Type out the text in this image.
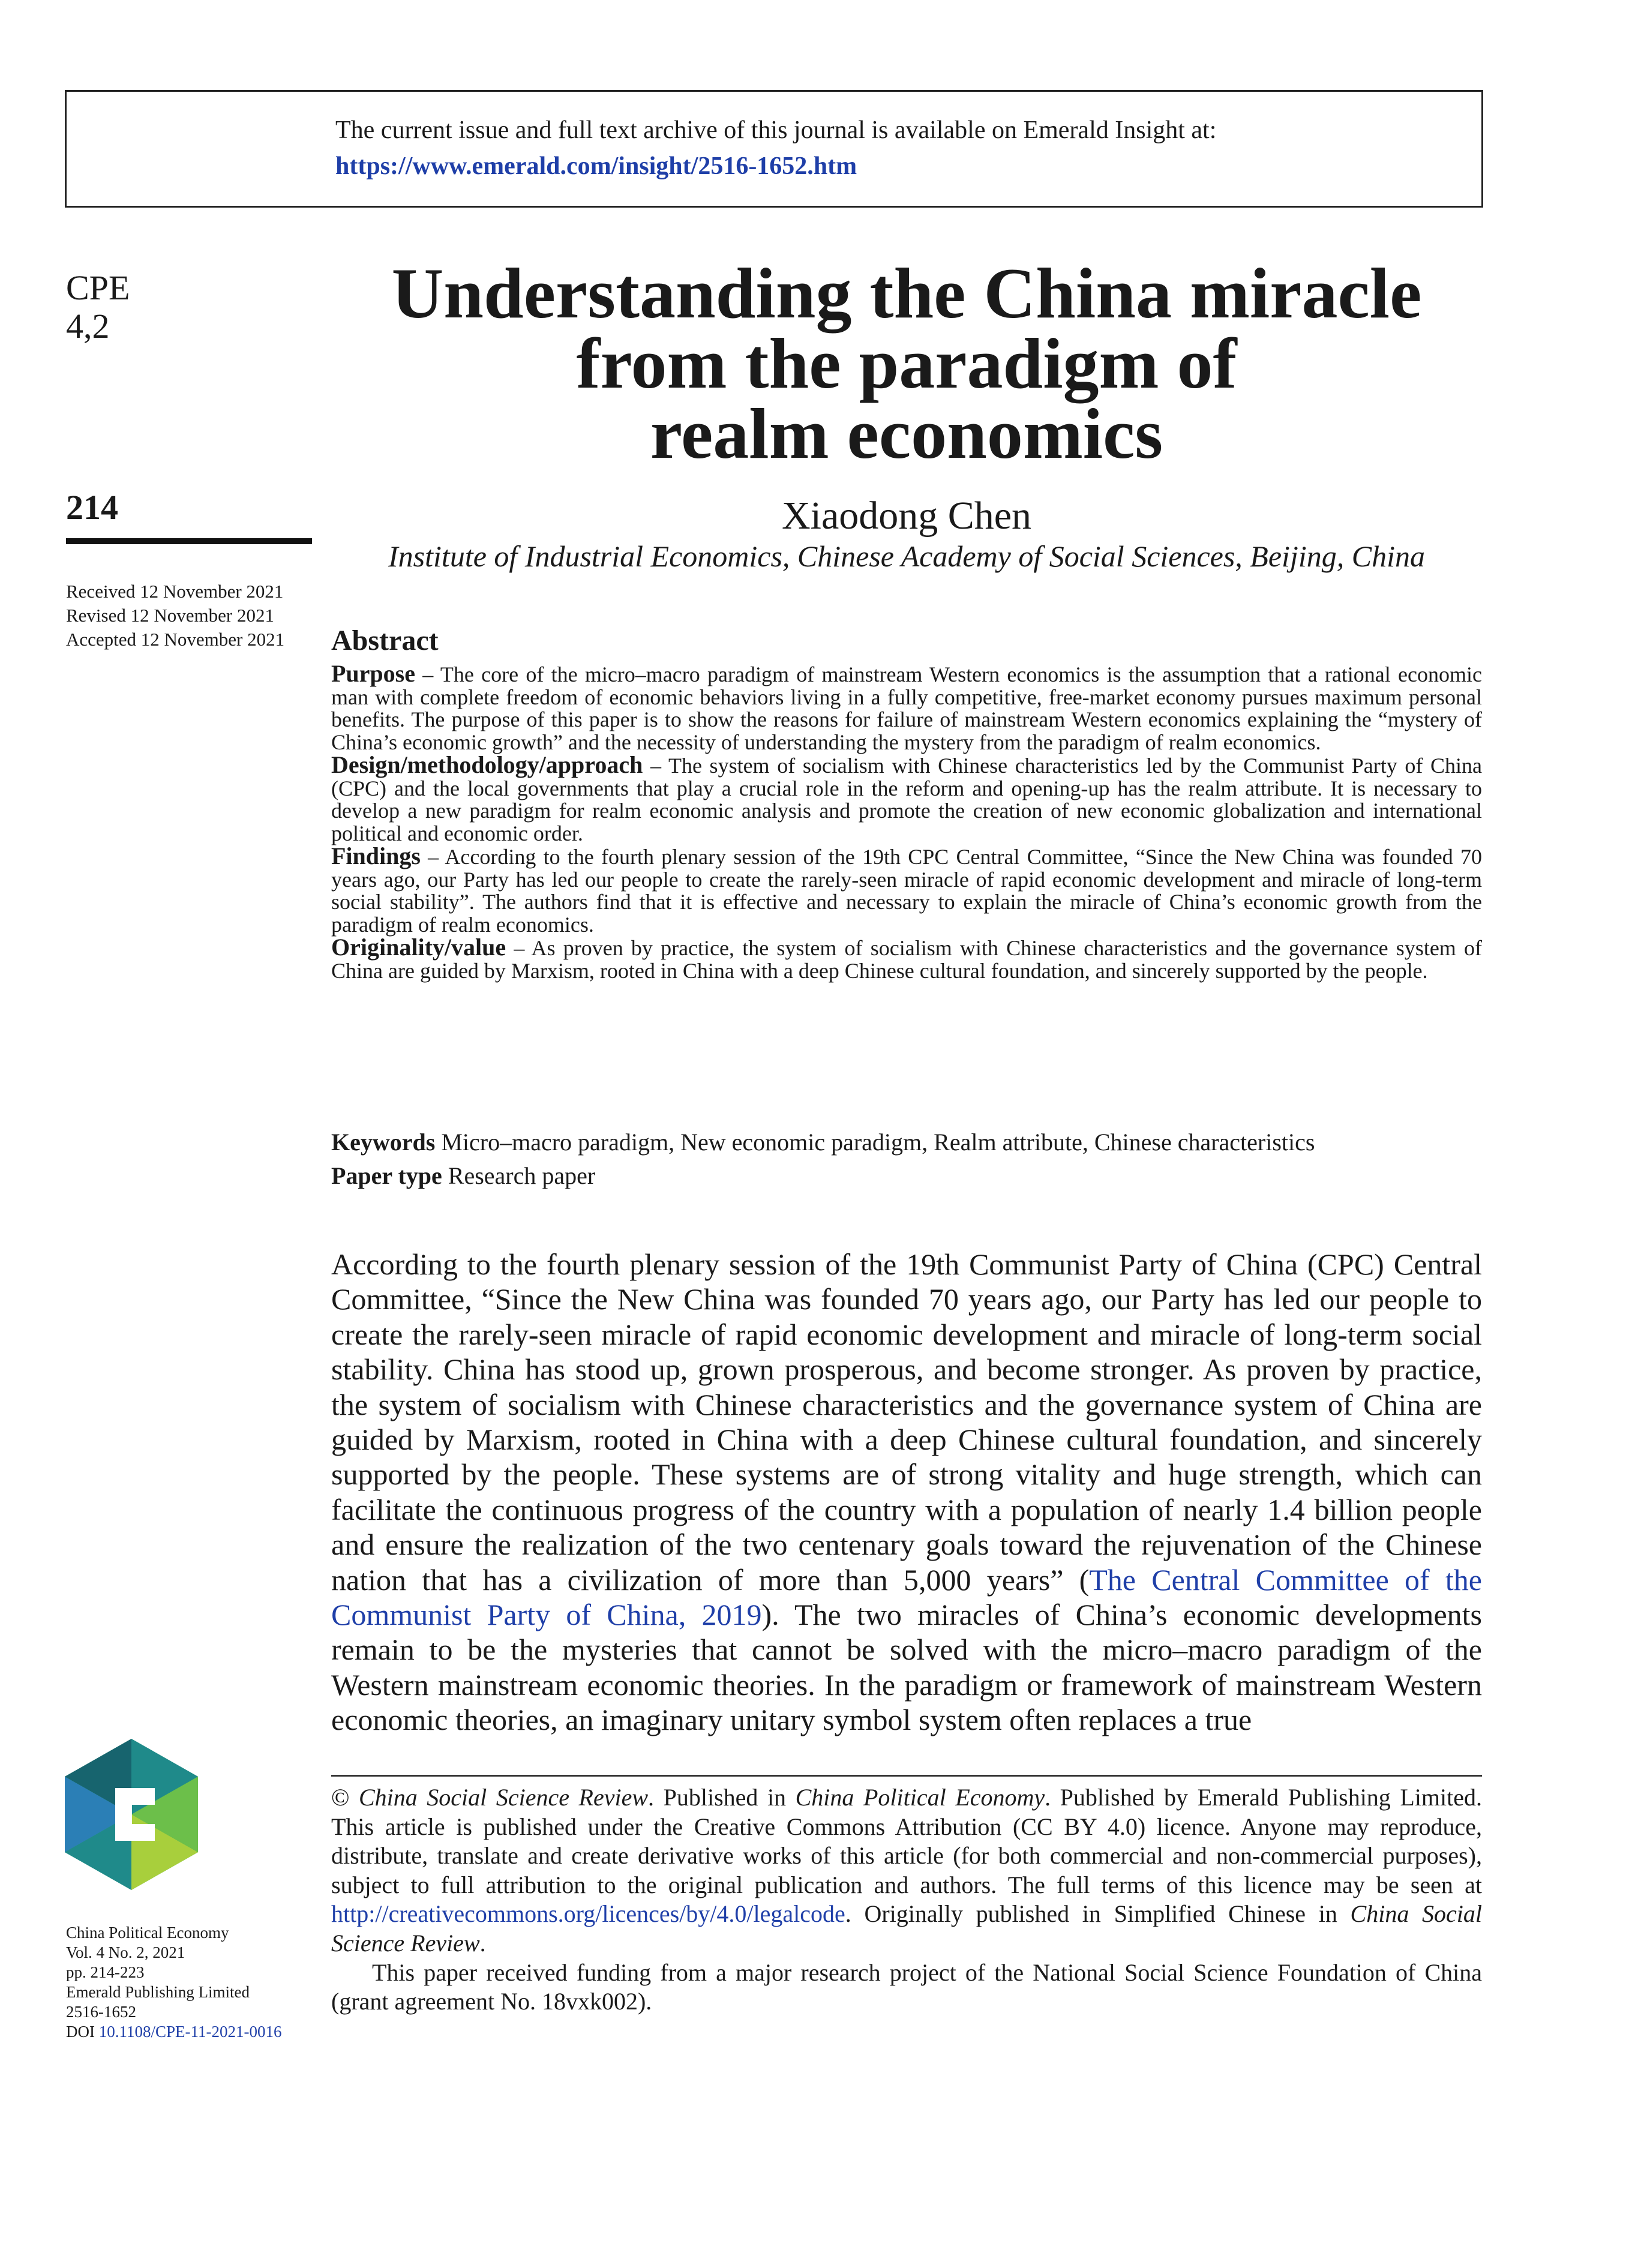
The current issue and full text archive of this journal is available on Emerald Insight at:
https://www.emerald.com/insight/2516-1652.htm
CPE
4,2
214
Received 12 November 2021
Revised 12 November 2021
Accepted 12 November 2021
China Political Economy
Vol. 4 No. 2, 2021
pp. 214-223
Emerald Publishing Limited
2516-1652
DOI 10.1108/CPE-11-2021-0016
Understanding the China miracle
from the paradigm of
realm economics
Xiaodong Chen
Institute of Industrial Economics, Chinese Academy of Social Sciences, Beijing, China
Abstract
Purpose – The core of the micro–macro paradigm of mainstream Western economics is the assumption that a rational economic man with complete freedom of economic behaviors living in a fully competitive, free-market economy pursues maximum personal benefits. The purpose of this paper is to show the reasons for failure of mainstream Western economics explaining the “mystery of China’s economic growth” and the necessity of understanding the mystery from the paradigm of realm economics.
Design/methodology/approach – The system of socialism with Chinese characteristics led by the Communist Party of China (CPC) and the local governments that play a crucial role in the reform and opening-up has the realm attribute. It is necessary to develop a new paradigm for realm economic analysis and promote the creation of new economic globalization and international political and economic order.
Findings – According to the fourth plenary session of the 19th CPC Central Committee, “Since the New China was founded 70 years ago, our Party has led our people to create the rarely-seen miracle of rapid economic development and miracle of long-term social stability”. The authors find that it is effective and necessary to explain the miracle of China’s economic growth from the paradigm of realm economics.
Originality/value – As proven by practice, the system of socialism with Chinese characteristics and the governance system of China are guided by Marxism, rooted in China with a deep Chinese cultural foundation, and sincerely supported by the people.
Keywords Micro–macro paradigm, New economic paradigm, Realm attribute, Chinese characteristics
Paper type Research paper
According to the fourth plenary session of the 19th Communist Party of China (CPC) Central Committee, “Since the New China was founded 70 years ago, our Party has led our people to create the rarely-seen miracle of rapid economic development and miracle of long-term social stability. China has stood up, grown prosperous, and become stronger. As proven by practice, the system of socialism with Chinese characteristics and the governance system of China are guided by Marxism, rooted in China with a deep Chinese cultural foundation, and sincerely supported by the people. These systems are of strong vitality and huge strength, which can facilitate the continuous progress of the country with a population of nearly 1.4 billion people and ensure the realization of the two centenary goals toward the rejuvenation of the Chinese nation that has a civilization of more than 5,000 years” (The Central Committee of the Communist Party of China, 2019). The two miracles of China’s economic developments remain to be the mysteries that cannot be solved with the micro–macro paradigm of the Western mainstream economic theories. In the paradigm or framework of mainstream Western economic theories, an imaginary unitary symbol system often replaces a true

© China Social Science Review. Published in China Political Economy. Published by Emerald Publishing Limited. This article is published under the Creative Commons Attribution (CC BY 4.0) licence. Anyone may reproduce, distribute, translate and create derivative works of this article (for both commercial and non-commercial purposes), subject to full attribution to the original publication and authors. The full terms of this licence may be seen at http://creativecommons.org/licences/by/4.0/legalcode. Originally published in Simplified Chinese in China Social Science Review.

This paper received funding from a major research project of the National Social Science Foundation of China (grant agreement No. 18vxk002).
